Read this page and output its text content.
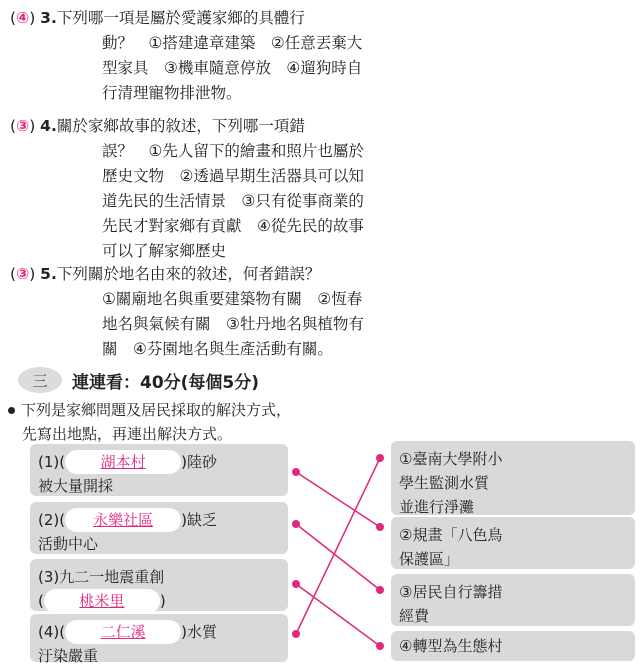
(④) 3.下列哪一項是屬於愛護家鄉的具體行
動？　①搭建違章建築　②任意丟棄大
型家具　③機車隨意停放　④遛狗時自
行清理寵物排泄物。
(③) 4.關於家鄉故事的敘述，下列哪一項錯
誤？　①先人留下的繪畫和照片也屬於
歷史文物　②透過早期生活器具可以知
道先民的生活情景　③只有從事商業的
先民才對家鄉有貢獻　④從先民的故事
可以了解家鄉歷史
(③) 5.下列關於地名由來的敘述，何者錯誤？
①關廟地名與重要建築物有關　②恆春
地名與氣候有關　③牡丹地名與植物有
關　④芬園地名與生產活動有關。
三	連連看：40分(每個5分)
下列是家鄉問題及居民採取的解決方式，
先寫出地點，再連出解決方式。
(1)( 湖本村 )陸砂
被大量開採
(2)( 永樂社區 )缺乏
活動中心
(3)九二一地震重創
( 桃米里 )
(4)( 二仁溪 )水質
汙染嚴重
①臺南大學附小
學生監測水質
並進行淨灘
②規畫「八色鳥
保護區」
③居民自行籌措
經費
④轉型為生態村
